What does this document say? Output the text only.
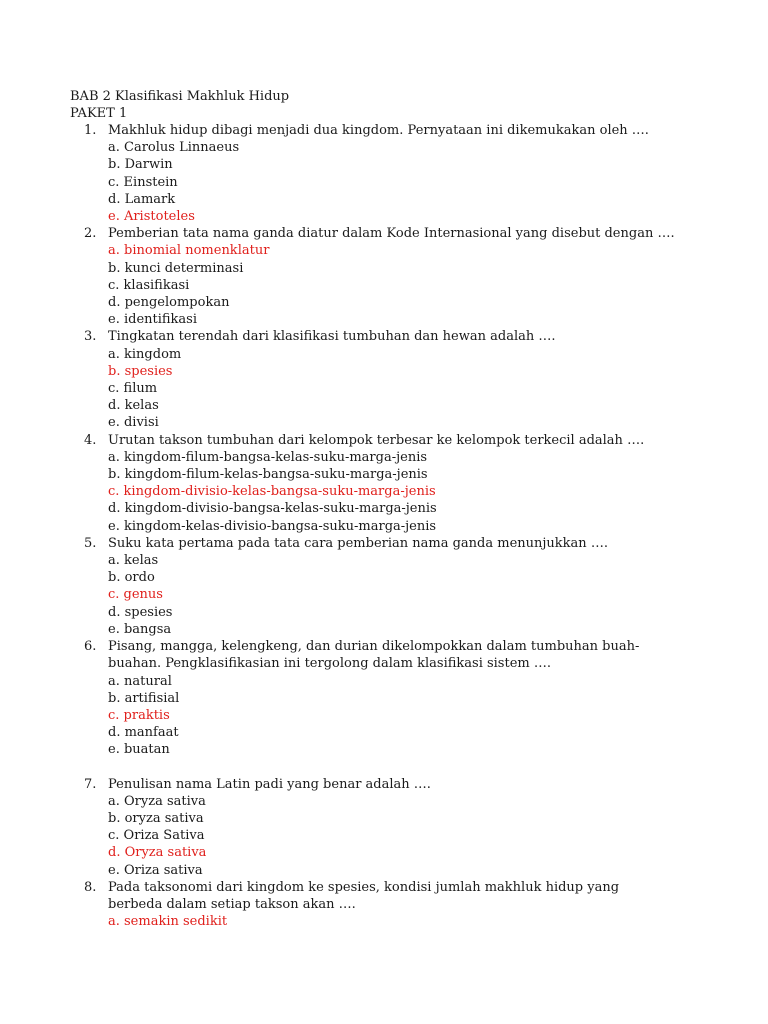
BAB 2 Klasifikasi Makhluk Hidup
PAKET 1
1. Makhluk hidup dibagi menjadi dua kingdom. Pernyataan ini dikemukakan oleh ….
a. Carolus Linnaeus
b. Darwin
c. Einstein
d. Lamark
e. Aristoteles
2. Pemberian tata nama ganda diatur dalam Kode Internasional yang disebut dengan ….
a. binomial nomenklatur
b. kunci determinasi
c. klasifikasi
d. pengelompokan
e. identifikasi
3. Tingkatan terendah dari klasifikasi tumbuhan dan hewan adalah ….
a. kingdom
b. spesies
c. filum
d. kelas
e. divisi
4. Urutan takson tumbuhan dari kelompok terbesar ke kelompok terkecil adalah ….
a. kingdom-filum-bangsa-kelas-suku-marga-jenis
b. kingdom-filum-kelas-bangsa-suku-marga-jenis
c. kingdom-divisio-kelas-bangsa-suku-marga-jenis
d. kingdom-divisio-bangsa-kelas-suku-marga-jenis
e. kingdom-kelas-divisio-bangsa-suku-marga-jenis
5. Suku kata pertama pada tata cara pemberian nama ganda menunjukkan ….
a. kelas
b. ordo
c. genus
d. spesies
e. bangsa
6. Pisang, mangga, kelengkeng, dan durian dikelompokkan dalam tumbuhan buah-
buahan. Pengklasifikasian ini tergolong dalam klasifikasi sistem ….
a. natural
b. artifisial
c. praktis
d. manfaat
e. buatan
7. Penulisan nama Latin padi yang benar adalah ….
a. Oryza sativa
b. oryza sativa
c. Oriza Sativa
d. Oryza sativa
e. Oriza sativa
8. Pada taksonomi dari kingdom ke spesies, kondisi jumlah makhluk hidup yang
berbeda dalam setiap takson akan ….
a. semakin sedikit
